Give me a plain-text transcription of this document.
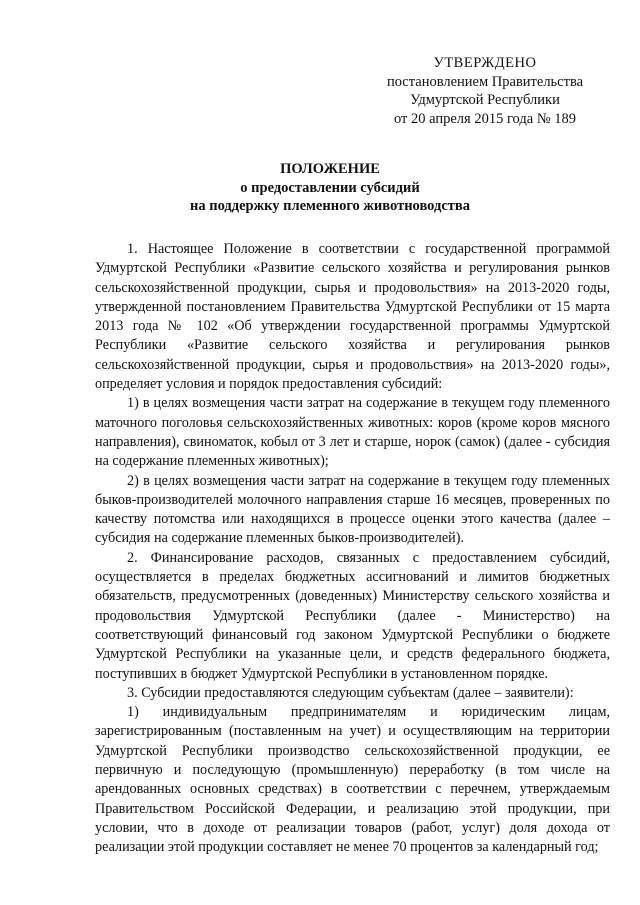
УТВЕРЖДЕНО
постановлением Правительства
Удмуртской Республики
от 20 апреля 2015 года № 189
ПОЛОЖЕНИЕ
о предоставлении субсидий
на поддержку племенного животноводства

1. Настоящее Положение в соответствии с государственной программой Удмуртской Республики «Развитие сельского хозяйства и регулирования рынков сельскохозяйственной продукции, сырья и продовольствия» на 2013-2020 годы, утвержденной постановлением Правительства Удмуртской Республики от 15 марта 2013 года № 102 «Об утверждении государственной программы Удмуртской Республики «Развитие сельского хозяйства и регулирования рынков сельскохозяйственной продукции, сырья и продовольствия» на 2013-2020 годы», определяет условия и порядок предоставления субсидий:

1) в целях возмещения части затрат на содержание в текущем году племенного маточного поголовья сельскохозяйственных животных: коров (кроме коров мясного направления), свиноматок, кобыл от 3 лет и старше, норок (самок) (далее - субсидия на содержание племенных животных);

2) в целях возмещения части затрат на содержание в текущем году племенных быков-производителей молочного направления старше 16 месяцев, проверенных по качеству потомства или находящихся в процессе оценки этого качества (далее – субсидия на содержание племенных быков-производителей).

2. Финансирование расходов, связанных с предоставлением субсидий, осуществляется в пределах бюджетных ассигнований и лимитов бюджетных обязательств, предусмотренных (доведенных) Министерству сельского хозяйства и продовольствия Удмуртской Республики (далее - Министерство) на соответствующий финансовый год законом Удмуртской Республики о бюджете Удмуртской Республики на указанные цели, и средств федерального бюджета, поступивших в бюджет Удмуртской Республики в установленном порядке.

3. Субсидии предоставляются следующим субъектам (далее – заявители):

1) индивидуальным предпринимателям и юридическим лицам, зарегистрированным (поставленным на учет) и осуществляющим на территории Удмуртской Республики производство сельскохозяйственной продукции, ее первичную и последующую (промышленную) переработку (в том числе на арендованных основных средствах) в соответствии с перечнем, утверждаемым Правительством Российской Федерации, и реализацию этой продукции, при условии, что в доходе от реализации товаров (работ, услуг) доля дохода от реализации этой продукции составляет не менее 70 процентов за календарный год;
